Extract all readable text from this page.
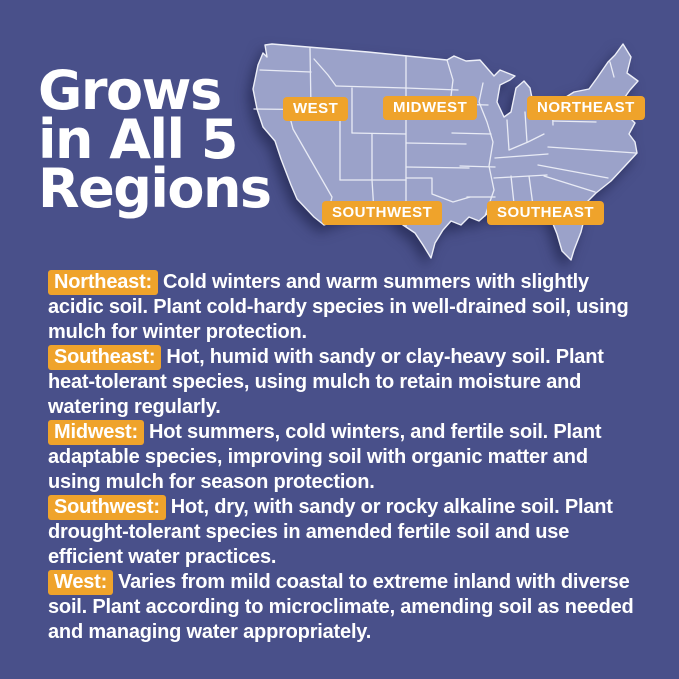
Grows
in All 5
Regions
WEST	MIDWEST	NORTHEAST
SOUTHWEST	SOUTHEAST

Northeast: Cold winters and warm summers with slightly acidic soil. Plant cold-hardy species in well-drained soil, using mulch for winter protection.

Southeast: Hot, humid with sandy or clay-heavy soil. Plant heat-tolerant species, using mulch to retain moisture and watering regularly.

Midwest: Hot summers, cold winters, and fertile soil. Plant adaptable species, improving soil with organic matter and using mulch for season protection.

Southwest: Hot, dry, with sandy or rocky alkaline soil. Plant drought-tolerant species in amended fertile soil and use efficient water practices.

West: Varies from mild coastal to extreme inland with diverse soil. Plant according to microclimate, amending soil as needed and managing water appropriately.
